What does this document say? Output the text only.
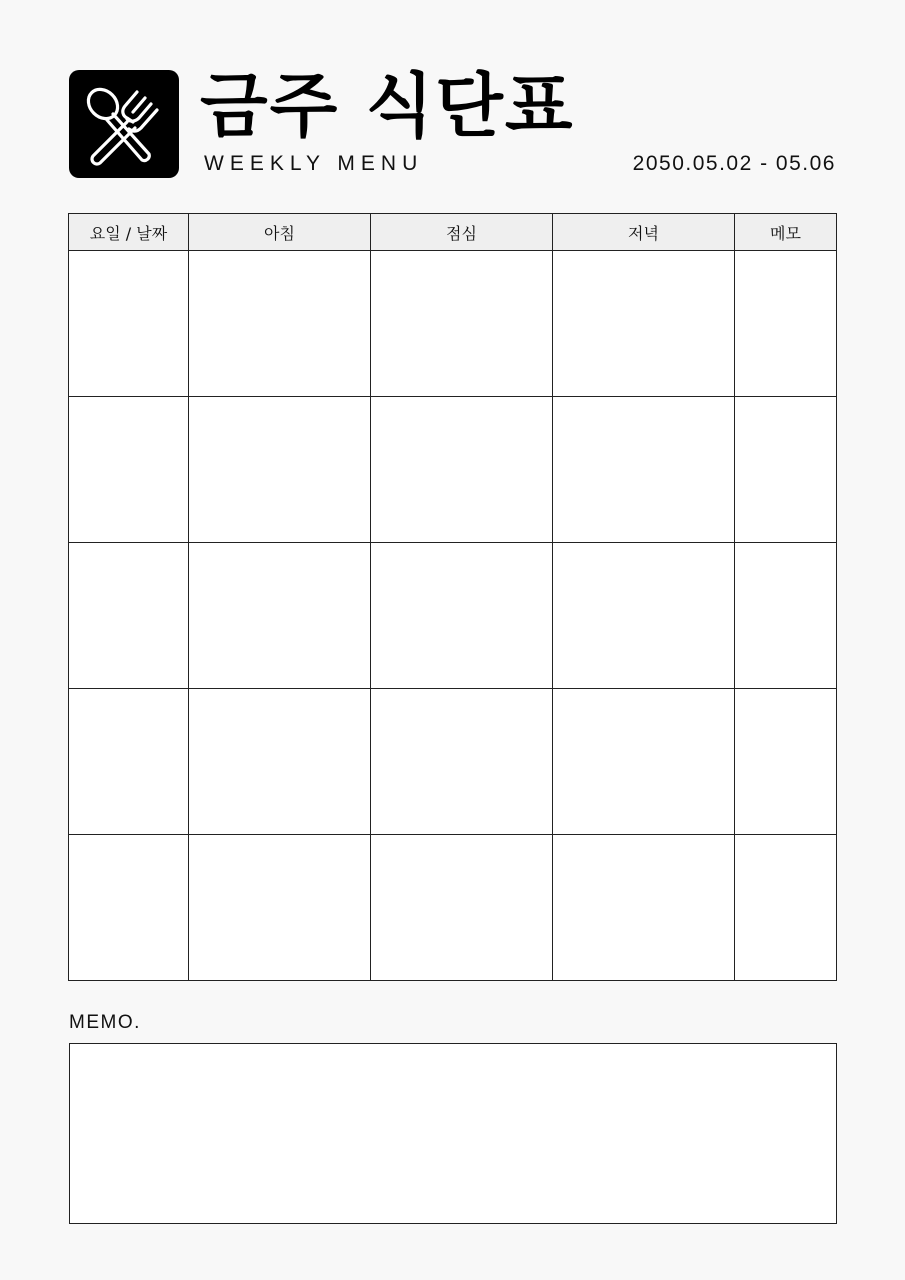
금주 식단표
WEEKLY MENU	2050.05.02 - 05.06
요일 / 날짜	아침	점심	저녁	메모

MEMO.
